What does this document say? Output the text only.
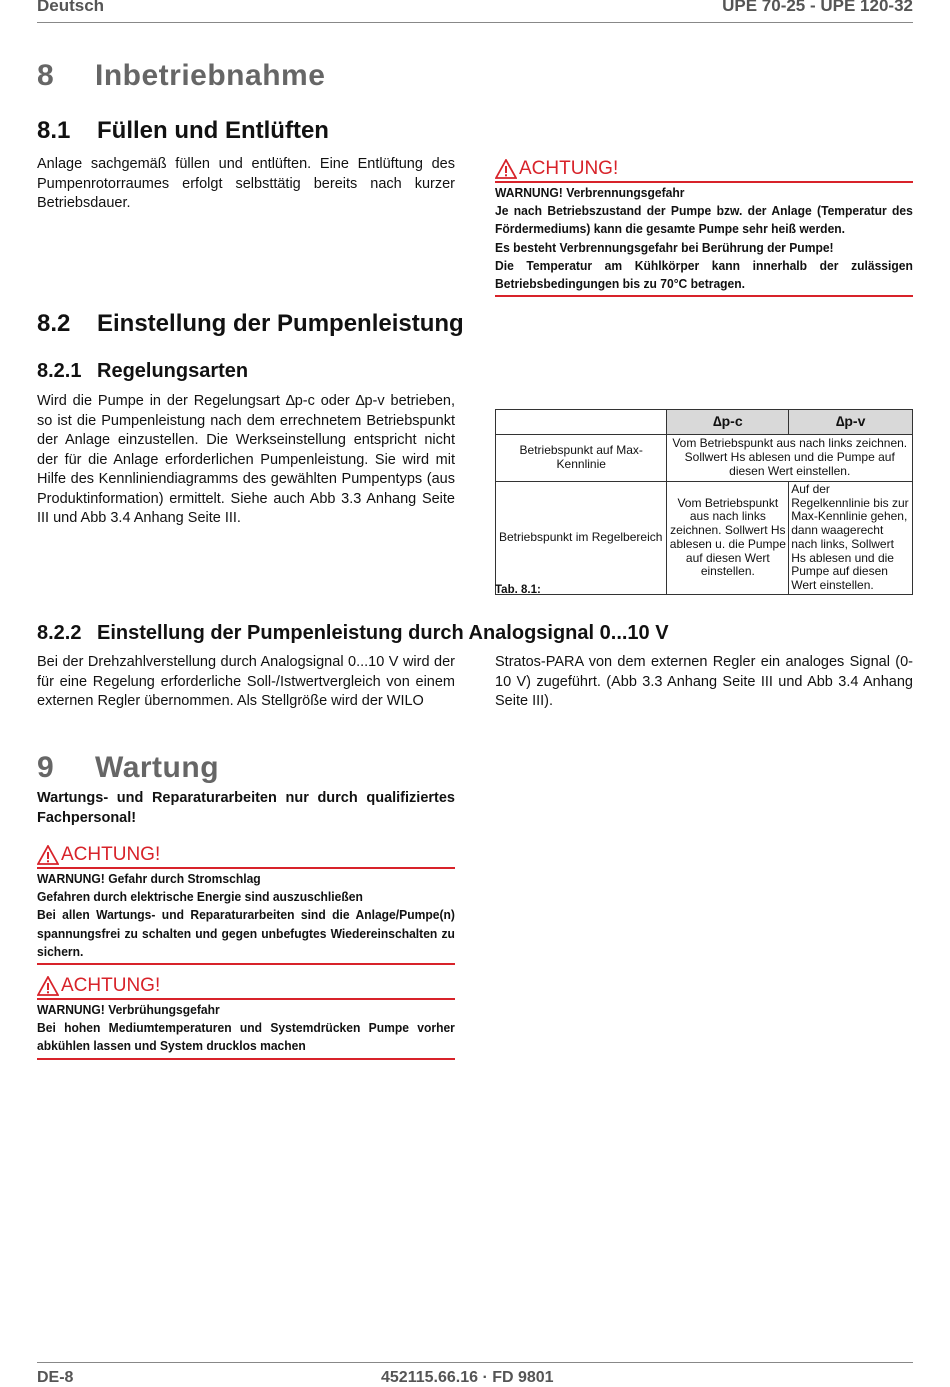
Deutsch	UPE 70-25 - UPE 120-32
8 Inbetriebnahme
8.1 Füllen und Entlüften
Anlage sachgemäß füllen und entlüften. Eine Entlüftung des Pumpenrotorraumes erfolgt selbsttätig bereits nach kurzer Betriebsdauer.
ACHTUNG!
WARNUNG! Verbrennungsgefahr
Je nach Betriebszustand der Pumpe bzw. der Anlage (Temperatur des Fördermediums) kann die gesamte Pumpe sehr heiß werden.
Es besteht Verbrennungsgefahr bei Berührung der Pumpe!
Die Temperatur am Kühlkörper kann innerhalb der zulässigen Betriebsbedingungen bis zu 70°C betragen.
8.2 Einstellung der Pumpenleistung
8.2.1 Regelungsarten
Wird die Pumpe in der Regelungsart ∆p-c oder ∆p-v betrieben, so ist die Pumpenleistung nach dem errechnetem Betriebspunkt der Anlage einzustellen. Die Werkseinstellung entspricht nicht der für die Anlage erforderlichen Pumpenleistung. Sie wird mit Hilfe des Kennliniendiagramms des gewählten Pumpentyps (aus Produktinformation) ermittelt. Siehe auch Abb 3.3 Anhang Seite III und Abb 3.4 Anhang Seite III.
	∆p-c	∆p-v
Betriebspunkt auf Max-Kennlinie	Vom Betriebspunkt aus nach links zeichnen. Sollwert Hs ablesen und die Pumpe auf diesen Wert einstellen.	
Betriebspunkt im Regelbereich	Vom Betriebspunkt aus nach links zeichnen. Sollwert Hs ablesen u. die Pumpe auf diesen Wert einstellen.	Auf der Regelkennlinie bis zur Max-Kennlinie gehen, dann waagerecht nach links, Sollwert Hs ablesen und die Pumpe auf diesen Wert einstellen.
Tab. 8.1:
8.2.2 Einstellung der Pumpenleistung durch Analogsignal 0...10 V
Bei der Drehzahlverstellung durch Analogsignal 0...10 V wird der für eine Regelung erforderliche Soll-/Istwertvergleich von einem externen Regler übernommen. Als Stellgröße wird der WILO
Stratos-PARA von dem externen Regler ein analoges Signal (0-10 V) zugeführt. (Abb 3.3 Anhang Seite III und Abb 3.4 Anhang Seite III).
9 Wartung
Wartungs- und Reparaturarbeiten nur durch qualifiziertes Fachpersonal!
ACHTUNG!
WARNUNG! Gefahr durch Stromschlag
Gefahren durch elektrische Energie sind auszuschließen
Bei allen Wartungs- und Reparaturarbeiten sind die Anlage/Pumpe(n) spannungsfrei zu schalten und gegen unbefugtes Wiedereinschalten zu sichern.
ACHTUNG!
WARNUNG! Verbrühungsgefahr
Bei hohen Mediumtemperaturen und Systemdrücken Pumpe vorher abkühlen lassen und System drucklos machen
DE-8	452115.66.16 · FD 9801
